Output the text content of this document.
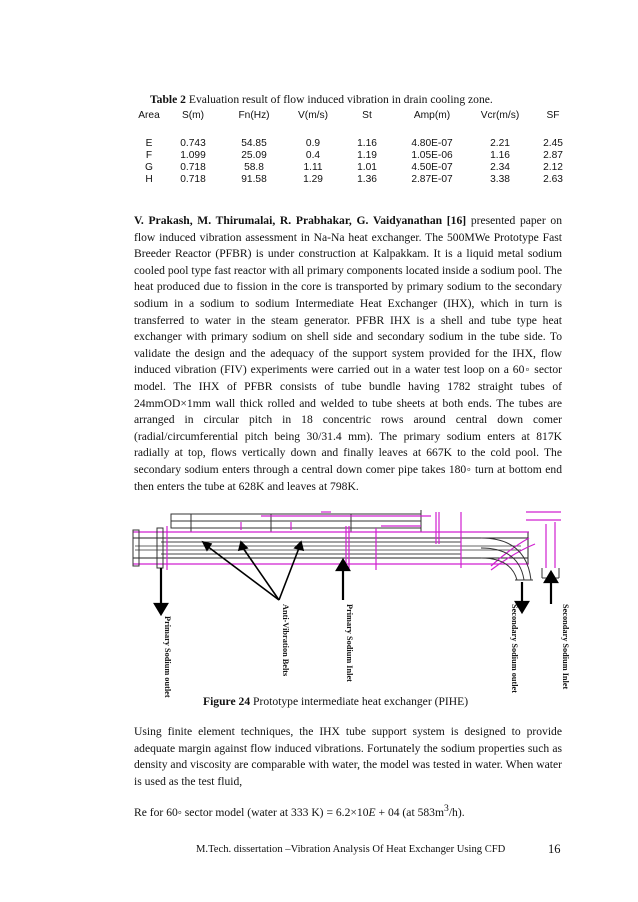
Table 2 Evaluation result of flow induced vibration in drain cooling zone.
Area	S(m)	Fn(Hz)	V(m/s)	St	Amp(m)	Vcr(m/s)	SF
E	0.743	54.85	0.9	1.16	4.80E-07	2.21	2.45
F	1.099	25.09	0.4	1.19	1.05E-06	1.16	2.87
G	0.718	58.8	1.11	1.01	4.50E-07	2.34	2.12
H	0.718	91.58	1.29	1.36	2.87E-07	3.38	2.63

V. Prakash, M. Thirumalai, R. Prabhakar, G. Vaidyanathan [16] presented paper on flow induced vibration assessment in Na-Na heat exchanger. The 500MWe Prototype Fast Breeder Reactor (PFBR) is under construction at Kalpakkam. It is a liquid metal sodium cooled pool type fast reactor with all primary components located inside a sodium pool. The heat produced due to fission in the core is transported by primary sodium to the secondary sodium in a sodium to sodium Intermediate Heat Exchanger (IHX), which in turn is transferred to water in the steam generator. PFBR IHX is a shell and tube type heat exchanger with primary sodium on shell side and secondary sodium in the tube side. To validate the design and the adequacy of the support system provided for the IHX, flow induced vibration (FIV) experiments were carried out in a water test loop on a 60◦ sector model. The IHX of PFBR consists of tube bundle having 1782 straight tubes of 24mmOD×1mm wall thick rolled and welded to tube sheets at both ends. The tubes are arranged in circular pitch in 18 concentric rows around central down comer (radial/circumferential pitch being 30/31.4 mm). The primary sodium enters at 817K radially at top, flows vertically down and finally leaves at 667K to the cold pool. The secondary sodium enters through a central down comer pipe takes 180◦ turn at bottom end then enters the tube at 628K and leaves at 798K.

Primary Sodium outlet	Anti-Vibration Belts	Primary Sodium Inlet	Secondary Sodium outlet	Secondary Sodium Inlet
Figure 24 Prototype intermediate heat exchanger (PIHE)

Using finite element techniques, the IHX tube support system is designed to provide adequate margin against flow induced vibrations. Fortunately the sodium properties such as density and viscosity are comparable with water, the model was tested in water. When water is used as the test fluid,

Re for 60◦ sector model (water at 333 K) = 6.2×10E + 04 (at $583m^3/h$).
M.Tech. dissertation –Vibration Analysis Of Heat Exchanger Using CFD	16
